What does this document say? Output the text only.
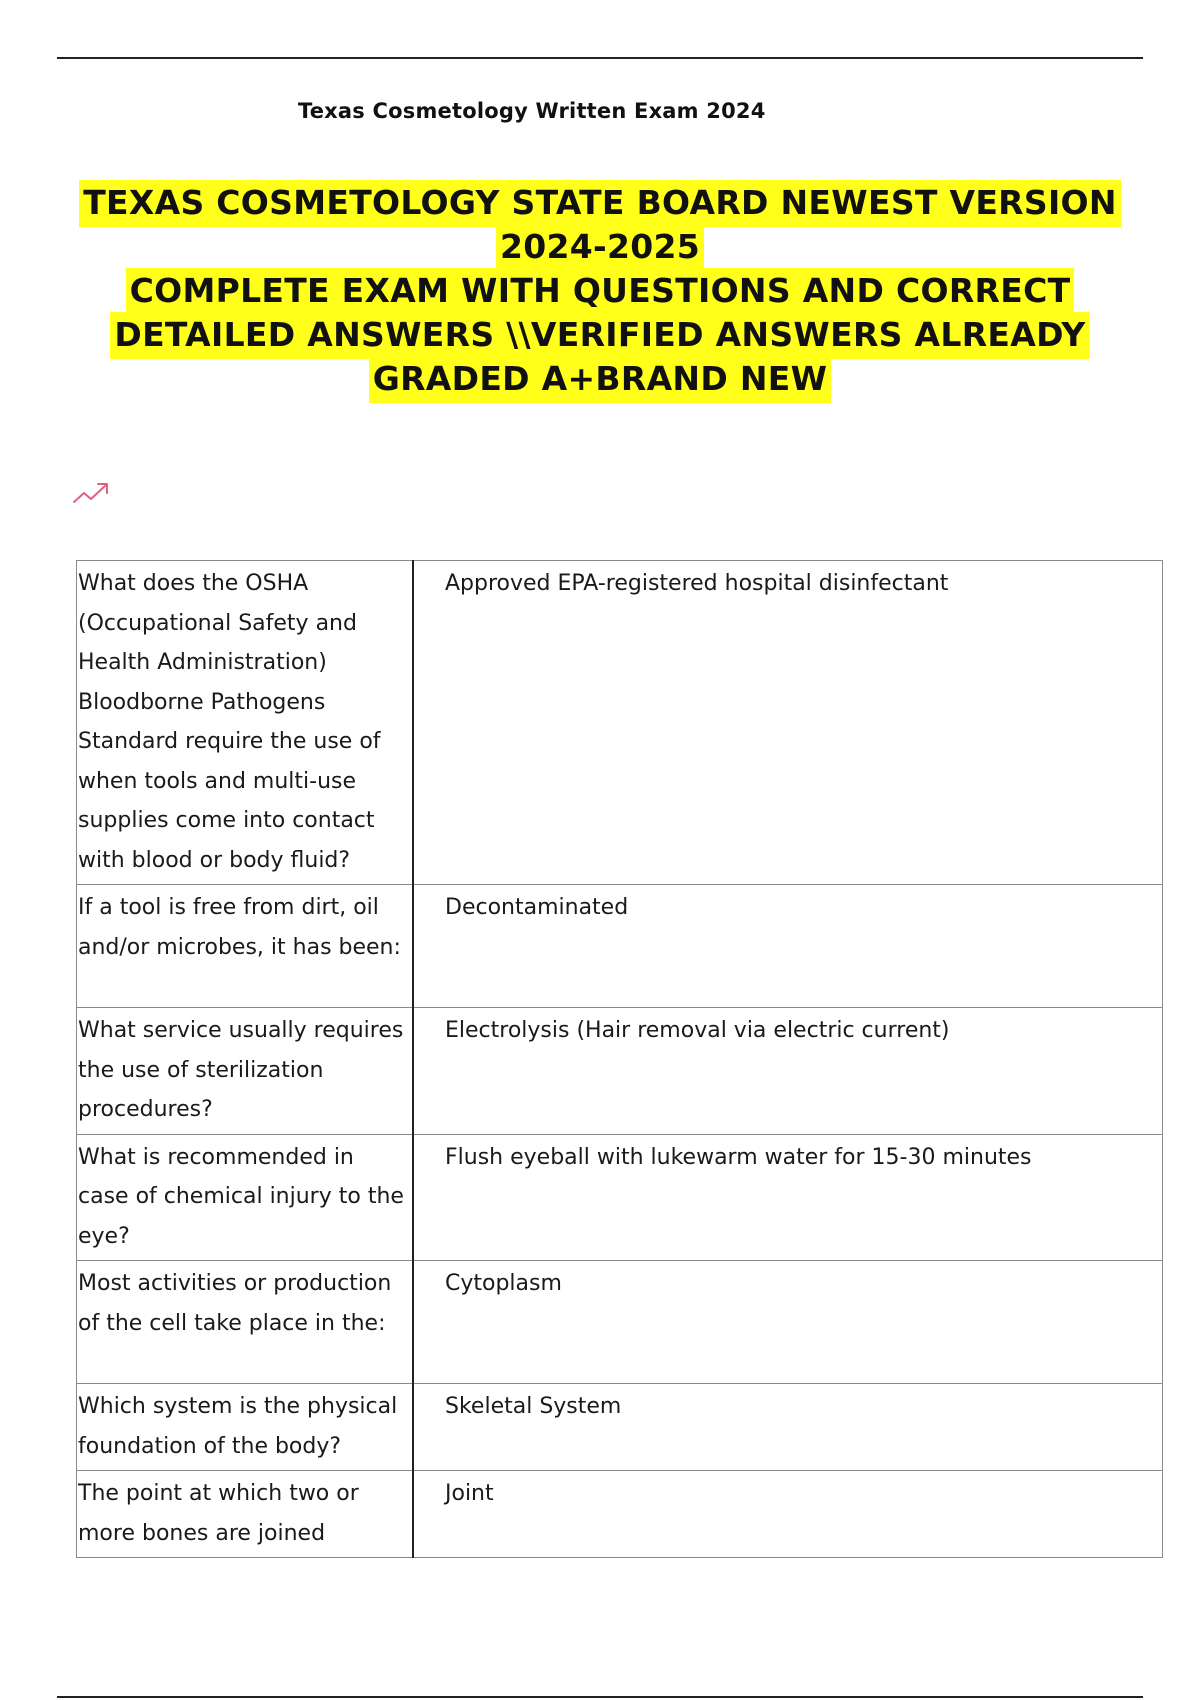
Texas Cosmetology Written Exam 2024
TEXAS COSMETOLOGY STATE BOARD NEWEST VERSION 2024-2025
COMPLETE EXAM WITH QUESTIONS AND CORRECT
DETAILED ANSWERS \\VERIFIED ANSWERS ALREADY
GRADED A+BRAND NEW
What does the OSHA (Occupational Safety and Health Administration) Bloodborne Pathogens Standard require the use of when tools and multi-use supplies come into contact with blood or body fluid?	Approved EPA-registered hospital disinfectant

If a tool is free from dirt, oil and/or microbes, it has been:	Decontaminated

What service usually requires the use of sterilization procedures?	Electrolysis (Hair removal via electric current)

What is recommended in case of chemical injury to the eye?	Flush eyeball with lukewarm water for 15-30 minutes

Most activities or production of the cell take place in the:	Cytoplasm

Which system is the physical foundation of the body?	Skeletal System

The point at which two or more bones are joined	Joint
